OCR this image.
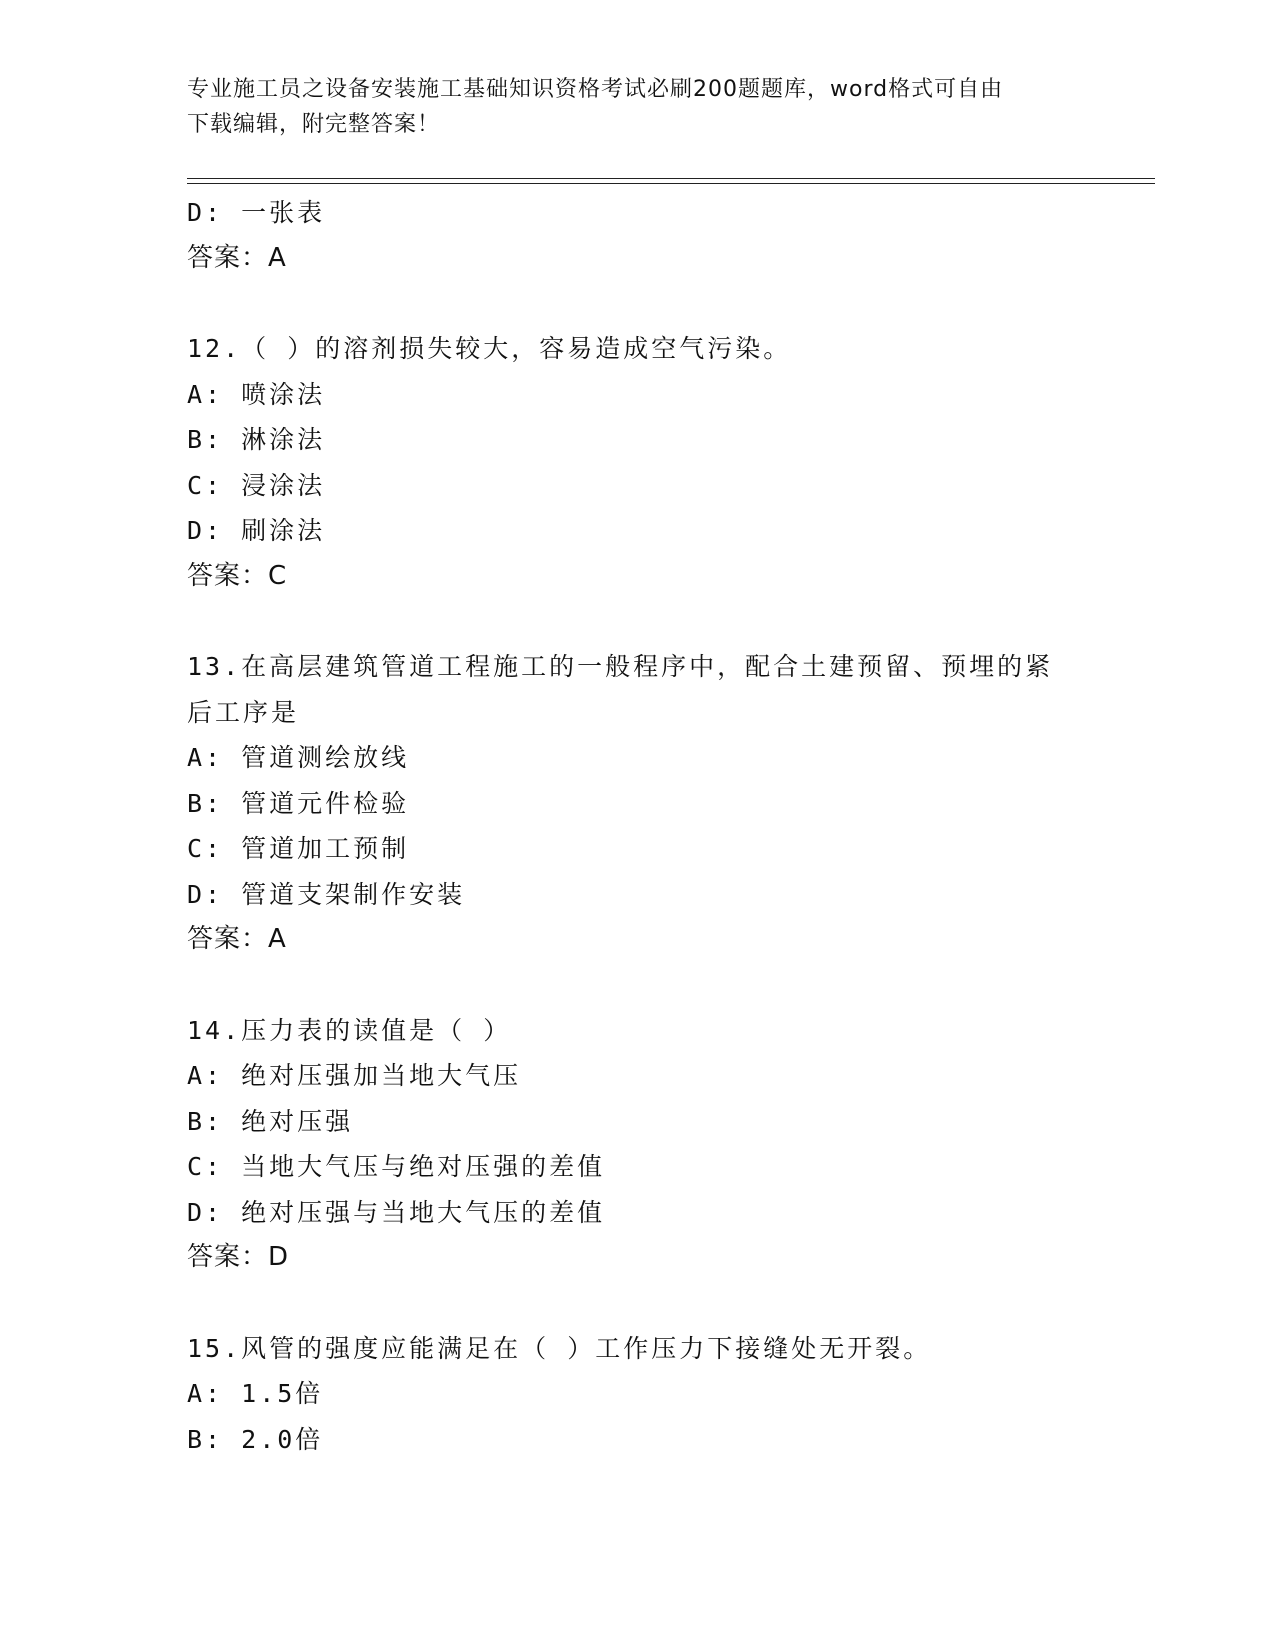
专业施工员之设备安装施工基础知识资格考试必刷200题题库，word格式可自由
下载编辑，附完整答案！
D: 一张表
答案：A
12.（ ）的溶剂损失较大，容易造成空气污染。
A: 喷涂法
B: 淋涂法
C: 浸涂法
D: 刷涂法
答案：C
13.在高层建筑管道工程施工的一般程序中，配合土建预留、预埋的紧
后工序是
A: 管道测绘放线
B: 管道元件检验
C: 管道加工预制
D: 管道支架制作安装
答案：A
14.压力表的读值是（ ）
A: 绝对压强加当地大气压
B: 绝对压强
C: 当地大气压与绝对压强的差值
D: 绝对压强与当地大气压的差值
答案：D
15.风管的强度应能满足在（ ）工作压力下接缝处无开裂。
A: 1.5倍
B: 2.0倍
